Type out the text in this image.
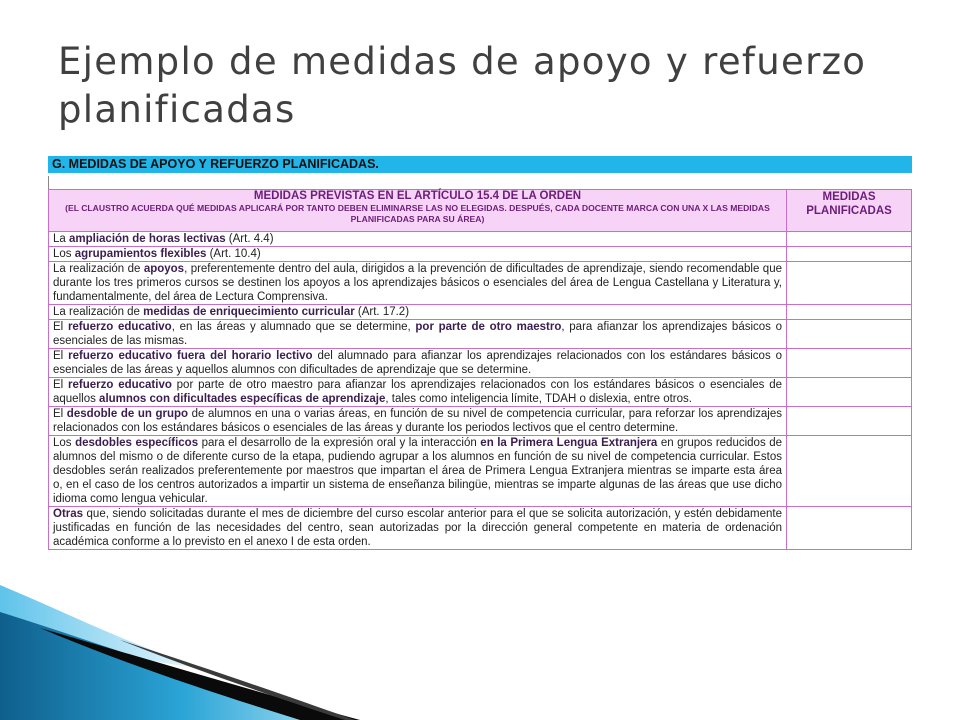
Ejemplo de medidas de apoyo y refuerzo planificadas
G. MEDIDAS DE APOYO Y REFUERZO PLANIFICADAS.
MEDIDAS PREVISTAS EN EL ARTÍCULO 15.4 DE LA ORDEN
(EL CLAUSTRO ACUERDA QUÉ MEDIDAS APLICARÁ POR TANTO DEBEN ELIMINARSE LAS NO ELEGIDAS. DESPUÉS, CADA DOCENTE MARCA CON UNA X LAS MEDIDAS PLANIFICADAS PARA SU ÁREA)	MEDIDAS PLANIFICADAS
La ampliación de horas lectivas (Art. 4.4)	
Los agrupamientos flexibles (Art. 10.4)	
La realización de apoyos, preferentemente dentro del aula, dirigidos a la prevención de dificultades de aprendizaje, siendo recomendable que durante los tres primeros cursos se destinen los apoyos a los aprendizajes básicos o esenciales del área de Lengua Castellana y Literatura y, fundamentalmente, del área de Lectura Comprensiva.	
La realización de medidas de enriquecimiento curricular (Art. 17.2)	
El refuerzo educativo, en las áreas y alumnado que se determine, por parte de otro maestro, para afianzar los aprendizajes básicos o esenciales de las mismas.	
El refuerzo educativo fuera del horario lectivo del alumnado para afianzar los aprendizajes relacionados con los estándares básicos o esenciales de las áreas y aquellos alumnos con dificultades de aprendizaje que se determine.	
El refuerzo educativo por parte de otro maestro para afianzar los aprendizajes relacionados con los estándares básicos o esenciales de aquellos alumnos con dificultades específicas de aprendizaje, tales como inteligencia límite, TDAH o dislexia, entre otros.	
El desdoble de un grupo de alumnos en una o varias áreas, en función de su nivel de competencia curricular, para reforzar los aprendizajes relacionados con los estándares básicos o esenciales de las áreas y durante los periodos lectivos que el centro determine.	
Los desdobles específicos para el desarrollo de la expresión oral y la interacción en la Primera Lengua Extranjera en grupos reducidos de alumnos del mismo o de diferente curso de la etapa, pudiendo agrupar a los alumnos en función de su nivel de competencia curricular. Estos desdobles serán realizados preferentemente por maestros que impartan el área de Primera Lengua Extranjera mientras se imparte esta área o, en el caso de los centros autorizados a impartir un sistema de enseñanza bilingüe, mientras se imparte algunas de las áreas que use dicho idioma como lengua vehicular.	
Otras que, siendo solicitadas durante el mes de diciembre del curso escolar anterior para el que se solicita autorización, y estén debidamente justificadas en función de las necesidades del centro, sean autorizadas por la dirección general competente en materia de ordenación académica conforme a lo previsto en el anexo I de esta orden.	
